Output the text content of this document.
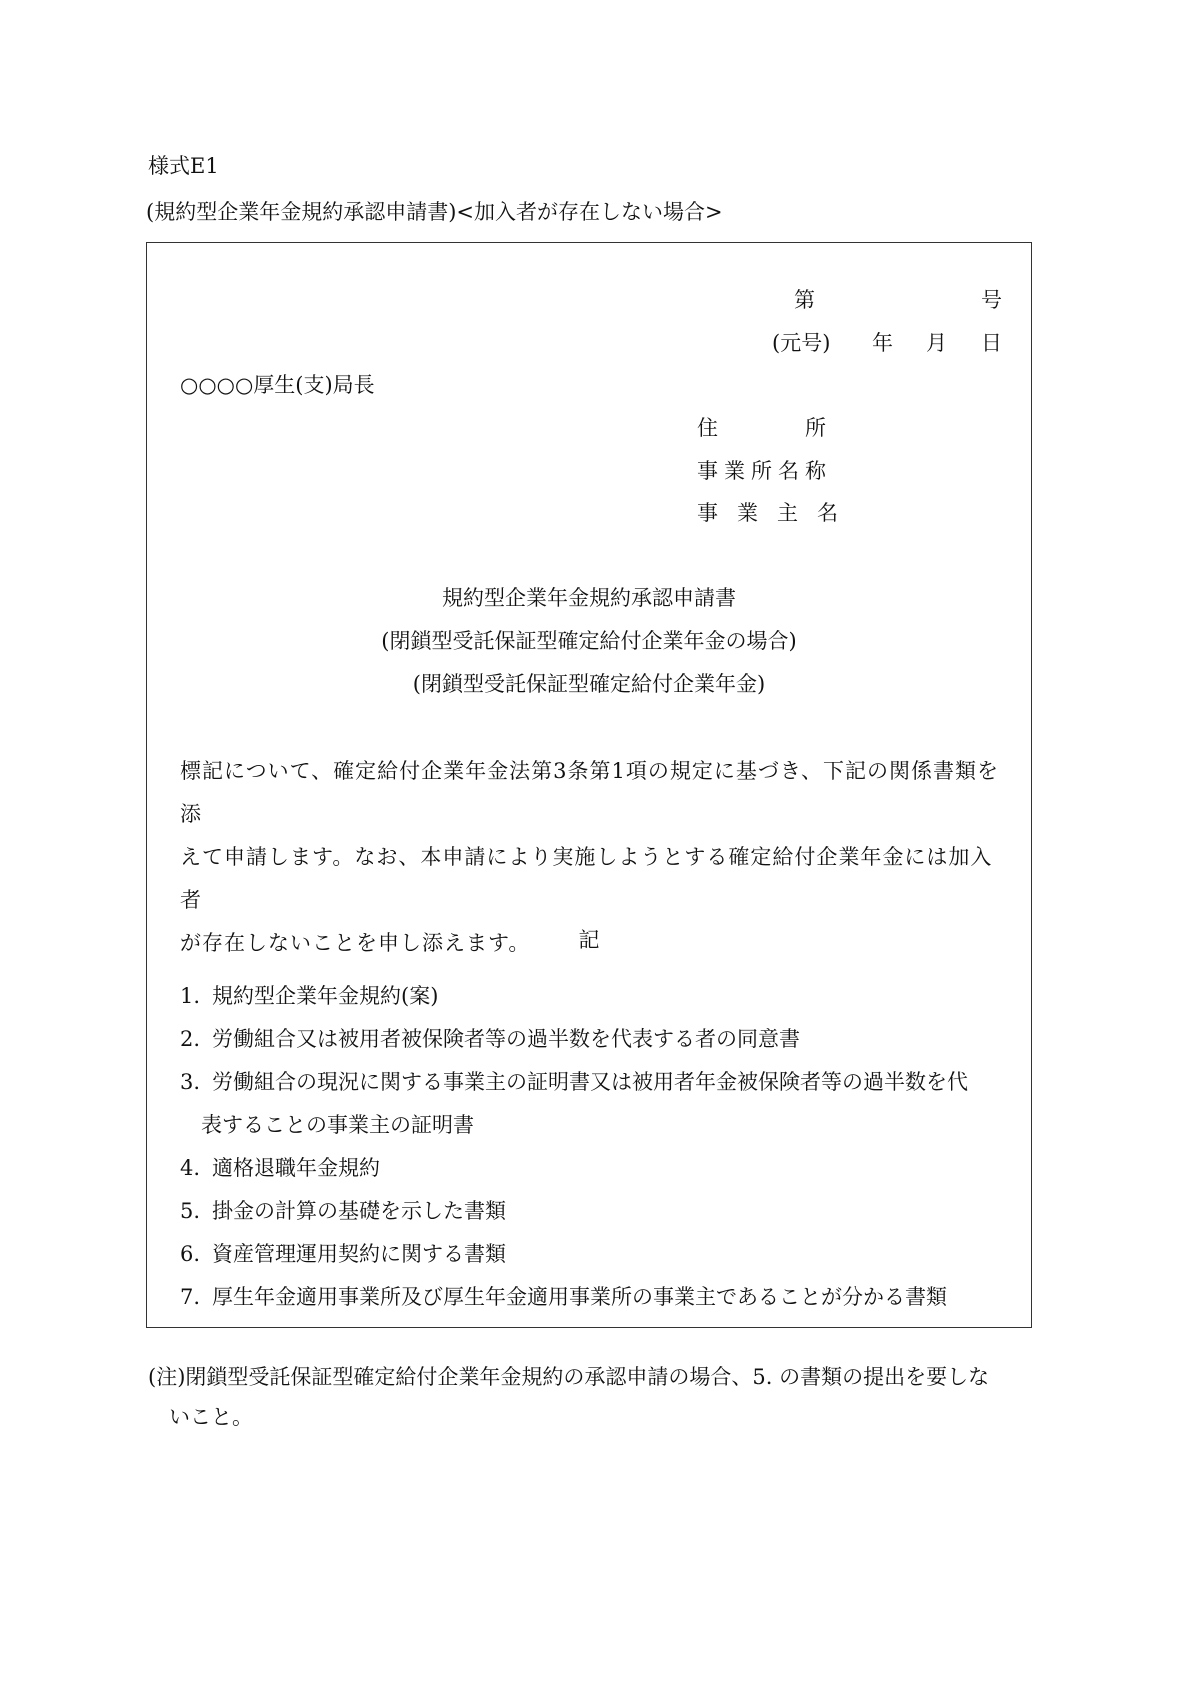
様式E1
(規約型企業年金規約承認申請書)<加入者が存在しない場合>
第	号
(元号) 年 月 日
○○○○厚生(支)局長
住	所
事業所名称
事業主名
規約型企業年金規約承認申請書
(閉鎖型受託保証型確定給付企業年金の場合)
(閉鎖型受託保証型確定給付企業年金)
標記について、確定給付企業年金法第3条第1項の規定に基づき、下記の関係書類を添
えて申請します。なお、本申請により実施しようとする確定給付企業年金には加入者
が存在しないことを申し添えます。	記
1. 規約型企業年金規約(案)
2. 労働組合又は被用者被保険者等の過半数を代表する者の同意書
3. 労働組合の現況に関する事業主の証明書又は被用者年金被保険者等の過半数を代
表することの事業主の証明書
4. 適格退職年金規約
5. 掛金の計算の基礎を示した書類
6. 資産管理運用契約に関する書類
7. 厚生年金適用事業所及び厚生年金適用事業所の事業主であることが分かる書類
(注)閉鎖型受託保証型確定給付企業年金規約の承認申請の場合、5. の書類の提出を要しな
いこと。
